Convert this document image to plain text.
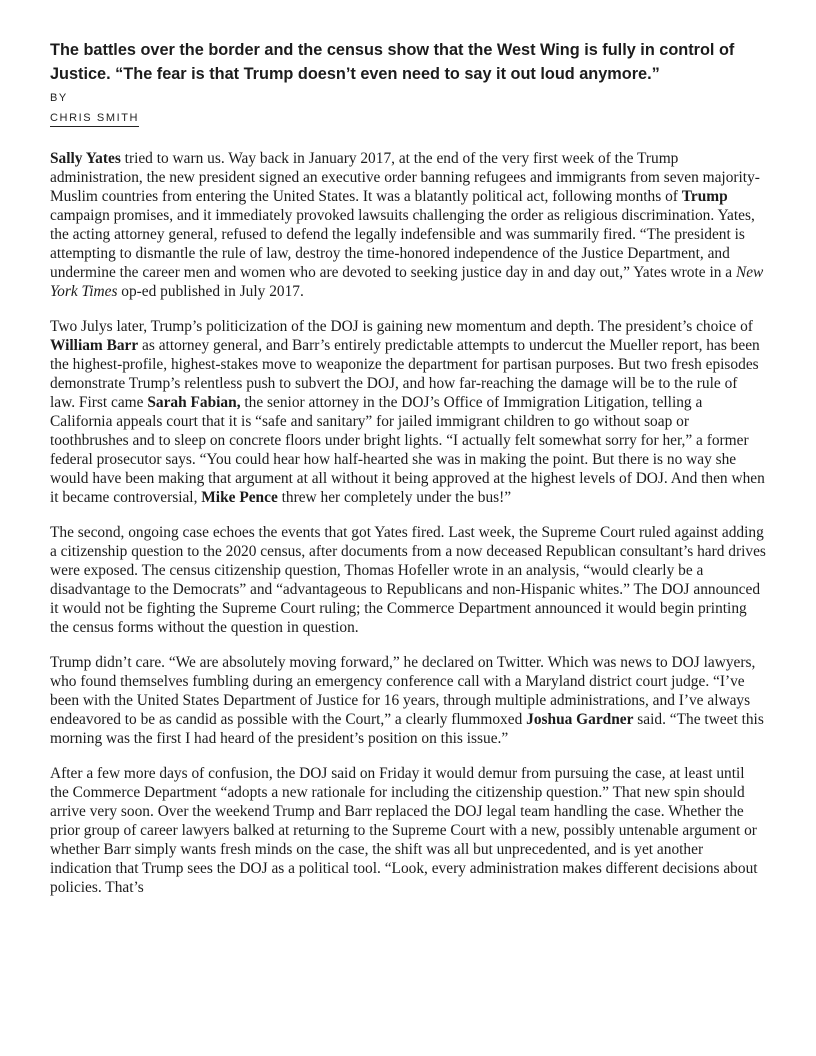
The battles over the border and the census show that the West Wing is fully in control of Justice. “The fear is that Trump doesn’t even need to say it out loud anymore.”
BY
CHRIS SMITH

Sally Yates tried to warn us. Way back in January 2017, at the end of the very first week of the Trump administration, the new president signed an executive order banning refugees and immigrants from seven majority-Muslim countries from entering the United States. It was a blatantly political act, following months of Trump campaign promises, and it immediately provoked lawsuits challenging the order as religious discrimination. Yates, the acting attorney general, refused to defend the legally indefensible and was summarily fired. “The president is attempting to dismantle the rule of law, destroy the time-honored independence of the Justice Department, and undermine the career men and women who are devoted to seeking justice day in and day out,” Yates wrote in a New York Times op-ed published in July 2017.

Two Julys later, Trump’s politicization of the DOJ is gaining new momentum and depth. The president’s choice of William Barr as attorney general, and Barr’s entirely predictable attempts to undercut the Mueller report, has been the highest-profile, highest-stakes move to weaponize the department for partisan purposes. But two fresh episodes demonstrate Trump’s relentless push to subvert the DOJ, and how far-reaching the damage will be to the rule of law. First came Sarah Fabian, the senior attorney in the DOJ’s Office of Immigration Litigation, telling a California appeals court that it is “safe and sanitary” for jailed immigrant children to go without soap or toothbrushes and to sleep on concrete floors under bright lights. “I actually felt somewhat sorry for her,” a former federal prosecutor says. “You could hear how half-hearted she was in making the point. But there is no way she would have been making that argument at all without it being approved at the highest levels of DOJ. And then when it became controversial, Mike Pence threw her completely under the bus!”

The second, ongoing case echoes the events that got Yates fired. Last week, the Supreme Court ruled against adding a citizenship question to the 2020 census, after documents from a now deceased Republican consultant’s hard drives were exposed. The census citizenship question, Thomas Hofeller wrote in an analysis, “would clearly be a disadvantage to the Democrats” and “advantageous to Republicans and non-Hispanic whites.” The DOJ announced it would not be fighting the Supreme Court ruling; the Commerce Department announced it would begin printing the census forms without the question in question.

Trump didn’t care. “We are absolutely moving forward,” he declared on Twitter. Which was news to DOJ lawyers, who found themselves fumbling during an emergency conference call with a Maryland district court judge. “I’ve been with the United States Department of Justice for 16 years, through multiple administrations, and I’ve always endeavored to be as candid as possible with the Court,” a clearly flummoxed Joshua Gardner said. “The tweet this morning was the first I had heard of the president’s position on this issue.”

After a few more days of confusion, the DOJ said on Friday it would demur from pursuing the case, at least until the Commerce Department “adopts a new rationale for including the citizenship question.” That new spin should arrive very soon. Over the weekend Trump and Barr replaced the DOJ legal team handling the case. Whether the prior group of career lawyers balked at returning to the Supreme Court with a new, possibly untenable argument or whether Barr simply wants fresh minds on the case, the shift was all but unprecedented, and is yet another indication that Trump sees the DOJ as a political tool. “Look, every administration makes different decisions about policies. That’s
